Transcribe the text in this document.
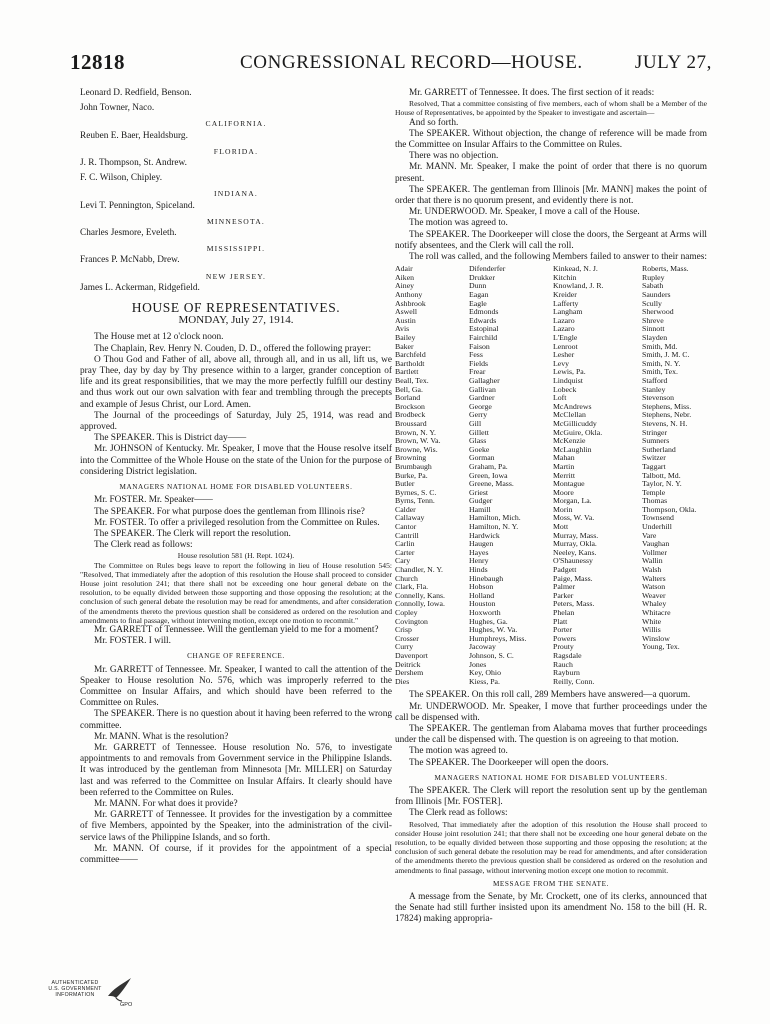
12818	CONGRESSIONAL RECORD—HOUSE.	JULY 27,
Leonard D. Redfield, Benson.
John Towner, Naco.
CALIFORNIA.
Reuben E. Baer, Healdsburg.
FLORIDA.
J. R. Thompson, St. Andrew.
F. C. Wilson, Chipley.
INDIANA.
Levi T. Pennington, Spiceland.
MINNESOTA.
Charles Jesmore, Eveleth.
MISSISSIPPI.
Frances P. McNabb, Drew.
NEW JERSEY.
James L. Ackerman, Ridgefield.
HOUSE OF REPRESENTATIVES.
MONDAY, July 27, 1914.

The House met at 12 o'clock noon.

The Chaplain, Rev. Henry N. Couden, D. D., offered the following prayer:

O Thou God and Father of all, above all, through all, and in us all, lift us, we pray Thee, day by day by Thy presence within to a larger, grander conception of life and its great responsibilities, that we may the more perfectly fulfill our destiny and thus work out our own salvation with fear and trembling through the precepts and example of Jesus Christ, our Lord. Amen.

The Journal of the proceedings of Saturday, July 25, 1914, was read and approved.

The SPEAKER. This is District day——

Mr. JOHNSON of Kentucky. Mr. Speaker, I move that the House resolve itself into the Committee of the Whole House on the state of the Union for the purpose of considering District legislation.

MANAGERS NATIONAL HOME FOR DISABLED VOLUNTEERS.

Mr. FOSTER. Mr. Speaker——

The SPEAKER. For what purpose does the gentleman from Illinois rise?

Mr. FOSTER. To offer a privileged resolution from the Committee on Rules.

The SPEAKER. The Clerk will report the resolution.

The Clerk read as follows:

House resolution 581 (H. Rept. 1024).

The Committee on Rules begs leave to report the following in lieu of House resolution 545: "Resolved, That immediately after the adoption of this resolution the House shall proceed to consider House joint resolution 241; that there shall not be exceeding one hour general debate on the resolution, to be equally divided between those supporting and those opposing the resolution; at the conclusion of such general debate the resolution may be read for amendments, and after consideration of the amendments thereto the previous question shall be considered as ordered on the resolution and amendments to final passage, without intervening motion, except one motion to recommit."

Mr. GARRETT of Tennessee. Will the gentleman yield to me for a moment?

Mr. FOSTER. I will.

CHANGE OF REFERENCE.

Mr. GARRETT of Tennessee. Mr. Speaker, I wanted to call the attention of the Speaker to House resolution No. 576, which was improperly referred to the Committee on Insular Affairs, and which should have been referred to the Committee on Rules.

The SPEAKER. There is no question about it having been referred to the wrong committee.

Mr. MANN. What is the resolution?

Mr. GARRETT of Tennessee. House resolution No. 576, to investigate appointments to and removals from Government service in the Philippine Islands. It was introduced by the gentleman from Minnesota [Mr. MILLER] on Saturday last and was referred to the Committee on Insular Affairs. It clearly should have been referred to the Committee on Rules.

Mr. MANN. For what does it provide?

Mr. GARRETT of Tennessee. It provides for the investigation by a committee of five Members, appointed by the Speaker, into the administration of the civil-service laws of the Philippine Islands, and so forth.

Mr. MANN. Of course, if it provides for the appointment of a special committee——

Mr. GARRETT of Tennessee. It does. The first section of it reads:

Resolved, That a committee consisting of five members, each of whom shall be a Member of the House of Representatives, be appointed by the Speaker to investigate and ascertain—

And so forth.

The SPEAKER. Without objection, the change of reference will be made from the Committee on Insular Affairs to the Committee on Rules.

There was no objection.

Mr. MANN. Mr. Speaker, I make the point of order that there is no quorum present.

The SPEAKER. The gentleman from Illinois [Mr. MANN] makes the point of order that there is no quorum present, and evidently there is not.

Mr. UNDERWOOD. Mr. Speaker, I move a call of the House.

The motion was agreed to.

The SPEAKER. The Doorkeeper will close the doors, the Sergeant at Arms will notify absentees, and the Clerk will call the roll.

The roll was called, and the following Members failed to answer to their names:

Adair
Aiken
Ainey
Anthony
Ashbrook
Aswell
Austin
Avis
Bailey
Baker
Barchfeld
Bartholdt
Bartlett
Beall, Tex.
Bell, Ga.
Borland
Brockson
Brodbeck
Broussard
Brown, N. Y.
Brown, W. Va.
Browne, Wis.
Browning
Brumbaugh
Burke, Pa.
Butler
Byrnes, S. C.
Byrns, Tenn.
Calder
Callaway
Cantor
Cantrill
Carlin
Carter
Cary
Chandler, N. Y.
Church
Clark, Fla.
Connelly, Kans.
Connolly, Iowa.
Copley
Covington
Crisp
Crosser
Curry
Davenport
Deitrick
Dershem
Dies
Difenderfer
Drukker
Dunn
Eagan
Eagle
Edmonds
Edwards
Estopinal
Fairchild
Faison
Fess
Fields
Frear
Gallagher
Gallivan
Gardner
George
Gerry
Gill
Gillett
Glass
Goeke
Gorman
Graham, Pa.
Green, Iowa
Greene, Mass.
Griest
Gudger
Hamill
Hamilton, Mich.
Hamilton, N. Y.
Hardwick
Haugen
Hayes
Henry
Hinds
Hinebaugh
Hobson
Holland
Houston
Hoxworth
Hughes, Ga.
Hughes, W. Va.
Humphreys, Miss.
Jacoway
Johnson, S. C.
Jones
Key, Ohio
Kiess, Pa.
Kinkead, N. J.
Kitchin
Knowland, J. R.
Kreider
Lafferty
Langham
Lazaro
Lazaro
L'Engle
Lenroot
Lesher
Levy
Lewis, Pa.
Lindquist
Lobeck
Loft
McAndrews
McClellan
McGillicuddy
McGuire, Okla.
McKenzie
McLaughlin
Mahan
Martin
Merritt
Montague
Moore
Morgan, La.
Morin
Moss, W. Va.
Mott
Murray, Mass.
Murray, Okla.
Neeley, Kans.
O'Shaunessy
Padgett
Paige, Mass.
Palmer
Parker
Peters, Mass.
Phelan
Platt
Porter
Powers
Prouty
Ragsdale
Rauch
Rayburn
Reilly, Conn.
Roberts, Mass.
Rupley
Sabath
Saunders
Scully
Sherwood
Shreve
Sinnott
Slayden
Smith, Md.
Smith, J. M. C.
Smith, N. Y.
Smith, Tex.
Stafford
Stanley
Stevenson
Stephens, Miss.
Stephens, Nebr.
Stevens, N. H.
Stringer
Sumners
Sutherland
Switzer
Taggart
Talbott, Md.
Taylor, N. Y.
Temple
Thomas
Thompson, Okla.
Townsend
Underhill
Vare
Vaughan
Vollmer
Wallin
Walsh
Walters
Watson
Weaver
Whaley
Whitacre
White
Willis
Winslow
Young, Tex.

The SPEAKER. On this roll call, 289 Members have answered—a quorum.

Mr. UNDERWOOD. Mr. Speaker, I move that further proceedings under the call be dispensed with.

The SPEAKER. The gentleman from Alabama moves that further proceedings under the call be dispensed with. The question is on agreeing to that motion.

The motion was agreed to.

The SPEAKER. The Doorkeeper will open the doors.

MANAGERS NATIONAL HOME FOR DISABLED VOLUNTEERS.

The SPEAKER. The Clerk will report the resolution sent up by the gentleman from Illinois [Mr. FOSTER].

The Clerk read as follows:

Resolved, That immediately after the adoption of this resolution the House shall proceed to consider House joint resolution 241; that there shall not be exceeding one hour general debate on the resolution, to be equally divided between those supporting and those opposing the resolution; at the conclusion of such general debate the resolution may be read for amendments, and after consideration of the amendments thereto the previous question shall be considered as ordered on the resolution and amendments to final passage, without intervening motion except one motion to recommit.

MESSAGE FROM THE SENATE.

A message from the Senate, by Mr. Crockett, one of its clerks, announced that the Senate had still further insisted upon its amendment No. 158 to the bill (H. R. 17824) making appropria-

AUTHENTICATED
U.S. GOVERNMENT
INFORMATION
GPO
